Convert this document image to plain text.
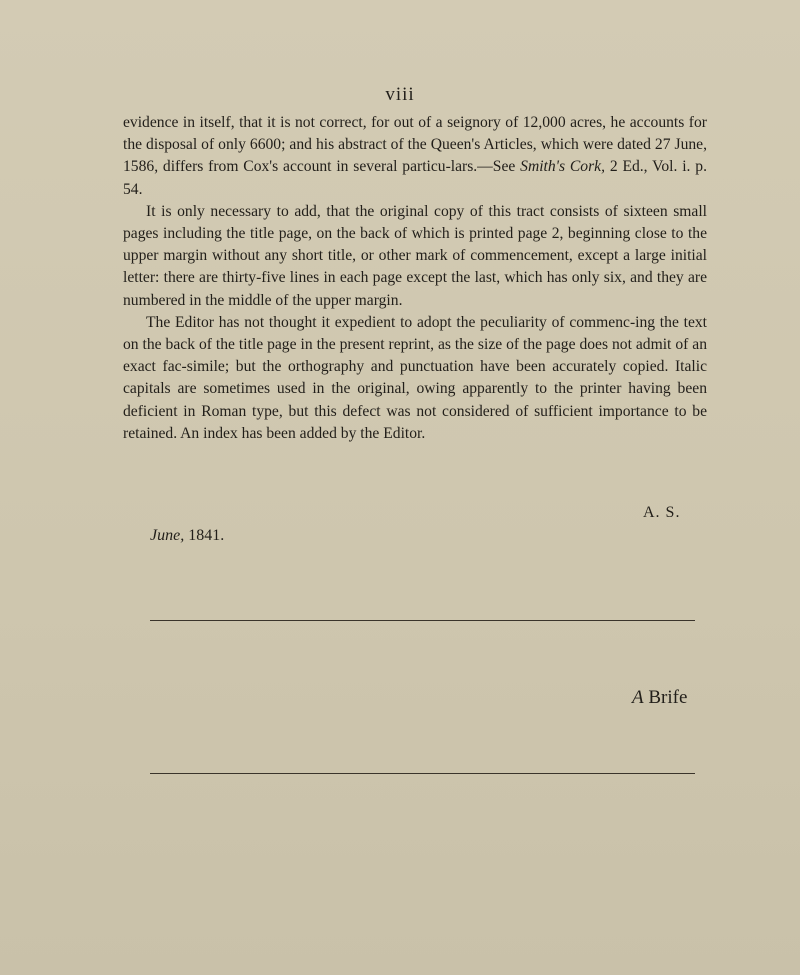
viii

evidence in itself, that it is not correct, for out of a seignory of 12,000 acres, he accounts for the disposal of only 6600; and his abstract of the Queen's Articles, which were dated 27 June, 1586, differs from Cox's account in several particu-lars.—See Smith's Cork, 2 Ed., Vol. i. p. 54.

It is only necessary to add, that the original copy of this tract consists of sixteen small pages including the title page, on the back of which is printed page 2, beginning close to the upper margin without any short title, or other mark of commencement, except a large initial letter: there are thirty-five lines in each page except the last, which has only six, and they are numbered in the middle of the upper margin.

The Editor has not thought it expedient to adopt the peculiarity of commenc-ing the text on the back of the title page in the present reprint, as the size of the page does not admit of an exact fac-simile; but the orthography and punctuation have been accurately copied. Italic capitals are sometimes used in the original, owing apparently to the printer having been deficient in Roman type, but this defect was not considered of sufficient importance to be retained. An index has been added by the Editor.

A. S.

June, 1841.

A Brife
